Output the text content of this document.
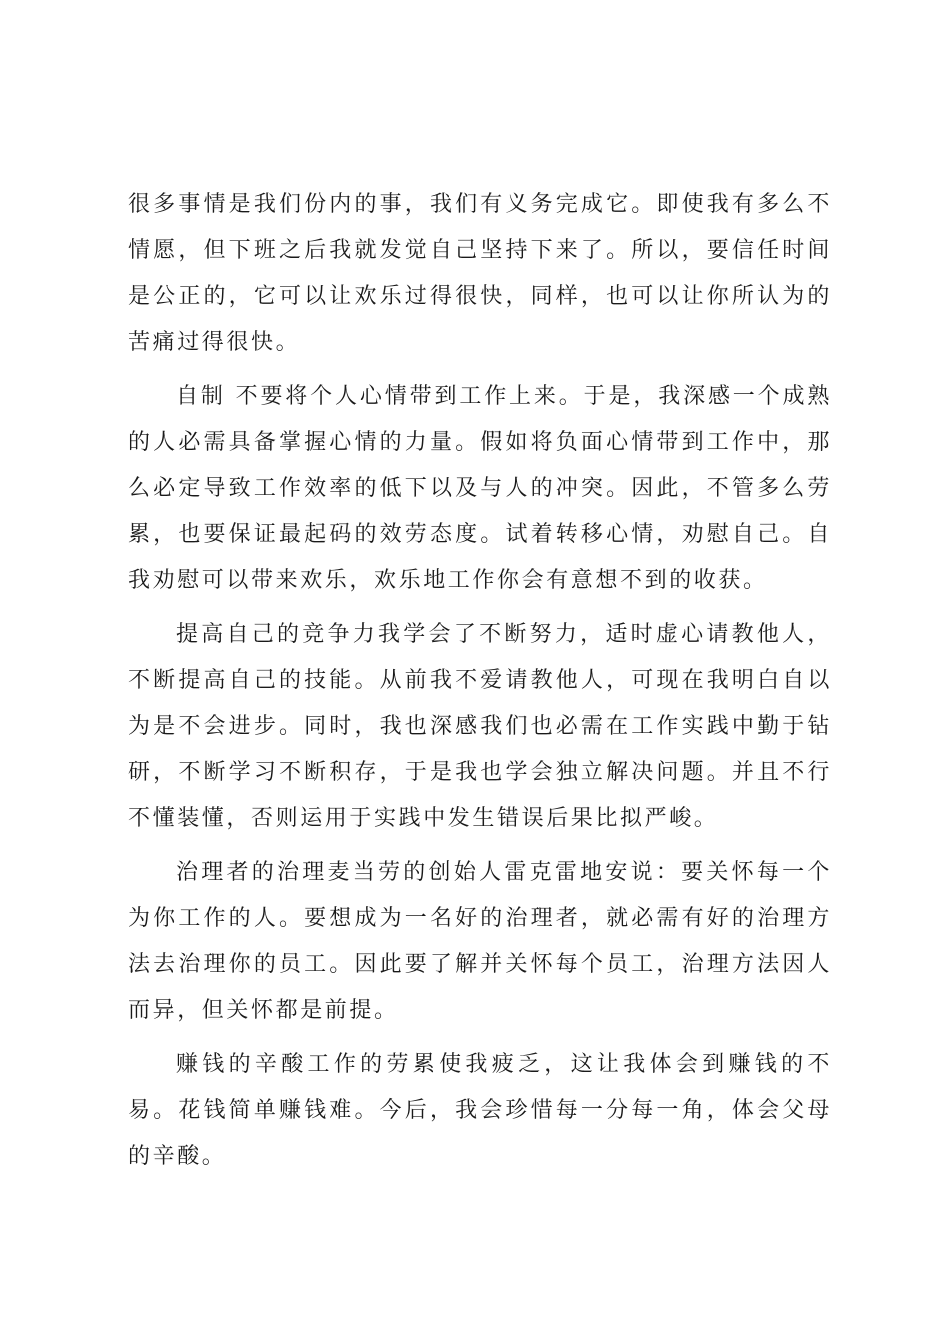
很多事情是我们份内的事，我们有义务完成它。即使我有多么不情愿，但下班之后我就发觉自己坚持下来了。所以，要信任时间是公正的，它可以让欢乐过得很快，同样，也可以让你所认为的苦痛过得很快。

自制 不要将个人心情带到工作上来。于是，我深感一个成熟的人必需具备掌握心情的力量。假如将负面心情带到工作中，那么必定导致工作效率的低下以及与人的冲突。因此，不管多么劳累，也要保证最起码的效劳态度。试着转移心情，劝慰自己。自我劝慰可以带来欢乐，欢乐地工作你会有意想不到的收获。

提高自己的竞争力我学会了不断努力，适时虚心请教他人，不断提高自己的技能。从前我不爱请教他人，可现在我明白自以为是不会进步。同时，我也深感我们也必需在工作实践中勤于钻研，不断学习不断积存，于是我也学会独立解决问题。并且不行不懂装懂，否则运用于实践中发生错误后果比拟严峻。

治理者的治理麦当劳的创始人雷克雷地安说：要关怀每一个为你工作的人。要想成为一名好的治理者，就必需有好的治理方法去治理你的员工。因此要了解并关怀每个员工，治理方法因人而异，但关怀都是前提。

赚钱的辛酸工作的劳累使我疲乏，这让我体会到赚钱的不易。花钱简单赚钱难。今后，我会珍惜每一分每一角，体会父母的辛酸。
